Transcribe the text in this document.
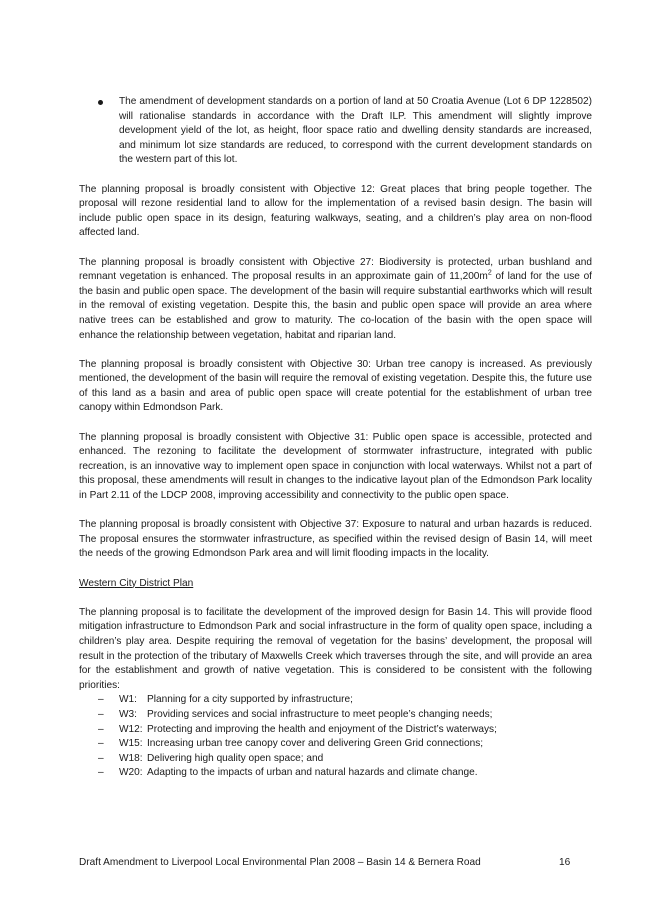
The amendment of development standards on a portion of land at 50 Croatia Avenue (Lot 6 DP 1228502) will rationalise standards in accordance with the Draft ILP. This amendment will slightly improve development yield of the lot, as height, floor space ratio and dwelling density standards are increased, and minimum lot size standards are reduced, to correspond with the current development standards on the western part of this lot.

The planning proposal is broadly consistent with Objective 12: Great places that bring people together. The proposal will rezone residential land to allow for the implementation of a revised basin design. The basin will include public open space in its design, featuring walkways, seating, and a children’s play area on non-flood affected land.

The planning proposal is broadly consistent with Objective 27: Biodiversity is protected, urban bushland and remnant vegetation is enhanced. The proposal results in an approximate gain of $11,200m^2$ of land for the use of the basin and public open space. The development of the basin will require substantial earthworks which will result in the removal of existing vegetation. Despite this, the basin and public open space will provide an area where native trees can be established and grow to maturity. The co-location of the basin with the open space will enhance the relationship between vegetation, habitat and riparian land.

The planning proposal is broadly consistent with Objective 30: Urban tree canopy is increased. As previously mentioned, the development of the basin will require the removal of existing vegetation. Despite this, the future use of this land as a basin and area of public open space will create potential for the establishment of urban tree canopy within Edmondson Park.

The planning proposal is broadly consistent with Objective 31: Public open space is accessible, protected and enhanced. The rezoning to facilitate the development of stormwater infrastructure, integrated with public recreation, is an innovative way to implement open space in conjunction with local waterways. Whilst not a part of this proposal, these amendments will result in changes to the indicative layout plan of the Edmondson Park locality in Part 2.11 of the LDCP 2008, improving accessibility and connectivity to the public open space.

The planning proposal is broadly consistent with Objective 37: Exposure to natural and urban hazards is reduced. The proposal ensures the stormwater infrastructure, as specified within the revised design of Basin 14, will meet the needs of the growing Edmondson Park area and will limit flooding impacts in the locality.

Western City District Plan

The planning proposal is to facilitate the development of the improved design for Basin 14. This will provide flood mitigation infrastructure to Edmondson Park and social infrastructure in the form of quality open space, including a children’s play area. Despite requiring the removal of vegetation for the basins’ development, the proposal will result in the protection of the tributary of Maxwells Creek which traverses through the site, and will provide an area for the establishment and growth of native vegetation. This is considered to be consistent with the following priorities:

– W1: Planning for a city supported by infrastructure;
– W3: Providing services and social infrastructure to meet people’s changing needs;
– W12: Protecting and improving the health and enjoyment of the District’s waterways;
– W15: Increasing urban tree canopy cover and delivering Green Grid connections;
– W18: Delivering high quality open space; and
– W20: Adapting to the impacts of urban and natural hazards and climate change.
Draft Amendment to Liverpool Local Environmental Plan 2008 – Basin 14 & Bernera Road	16
